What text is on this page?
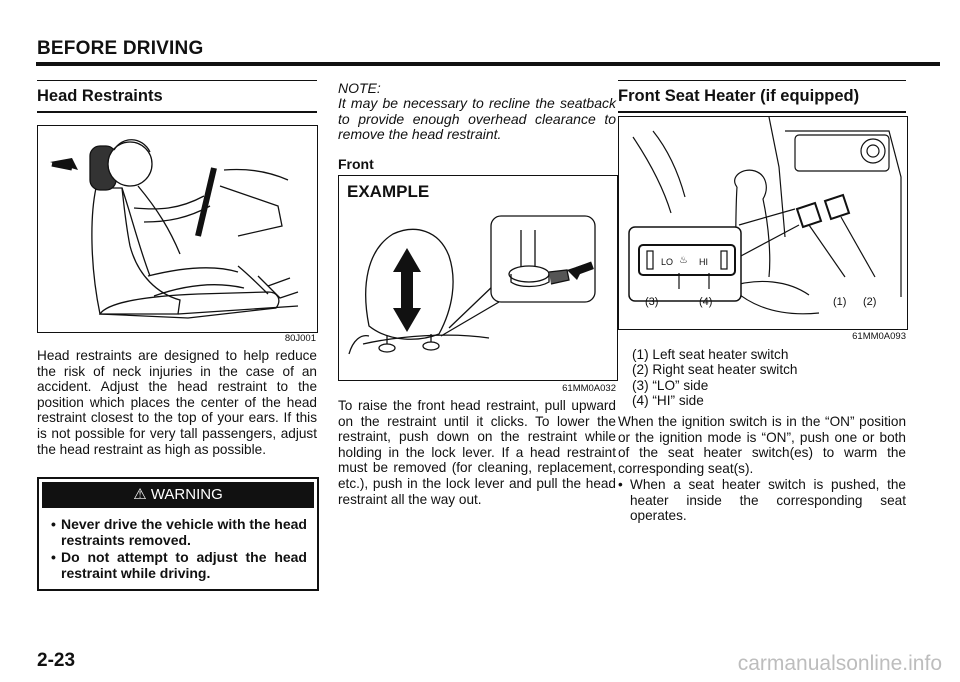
BEFORE DRIVING
Head Restraints
80J001

Head restraints are designed to help reduce the risk of neck injuries in the case of an accident. Adjust the head restraint to the position which places the center of the head restraint closest to the top of your ears. If this is not possible for very tall passengers, adjust the head restraint as high as possible.

⚠ WARNING
• Never drive the vehicle with the head restraints removed.
• Do not attempt to adjust the head restraint while driving.

NOTE:

It may be necessary to recline the seatback to provide enough overhead clearance to remove the head restraint.

Front
EXAMPLE
61MM0A032

To raise the front head restraint, pull upward on the restraint until it clicks. To lower the restraint, push down on the restraint while holding in the lock lever. If a head restraint must be removed (for cleaning, replacement, etc.), push in the lock lever and pull the head restraint all the way out.

Front Seat Heater (if equipped)
LO	HI
♨
(3)	(4)	(1) (2)
61MM0A093
(1) Left seat heater switch
(2) Right seat heater switch
(3) “LO” side
(4) “HI” side

When the ignition switch is in the “ON” position or the ignition mode is “ON”, push one or both of the seat heater switch(es) to warm the corresponding seat(s).

• When a seat heater switch is pushed, the heater inside the corresponding seat operates.
2-23	carmanualsonline.info
